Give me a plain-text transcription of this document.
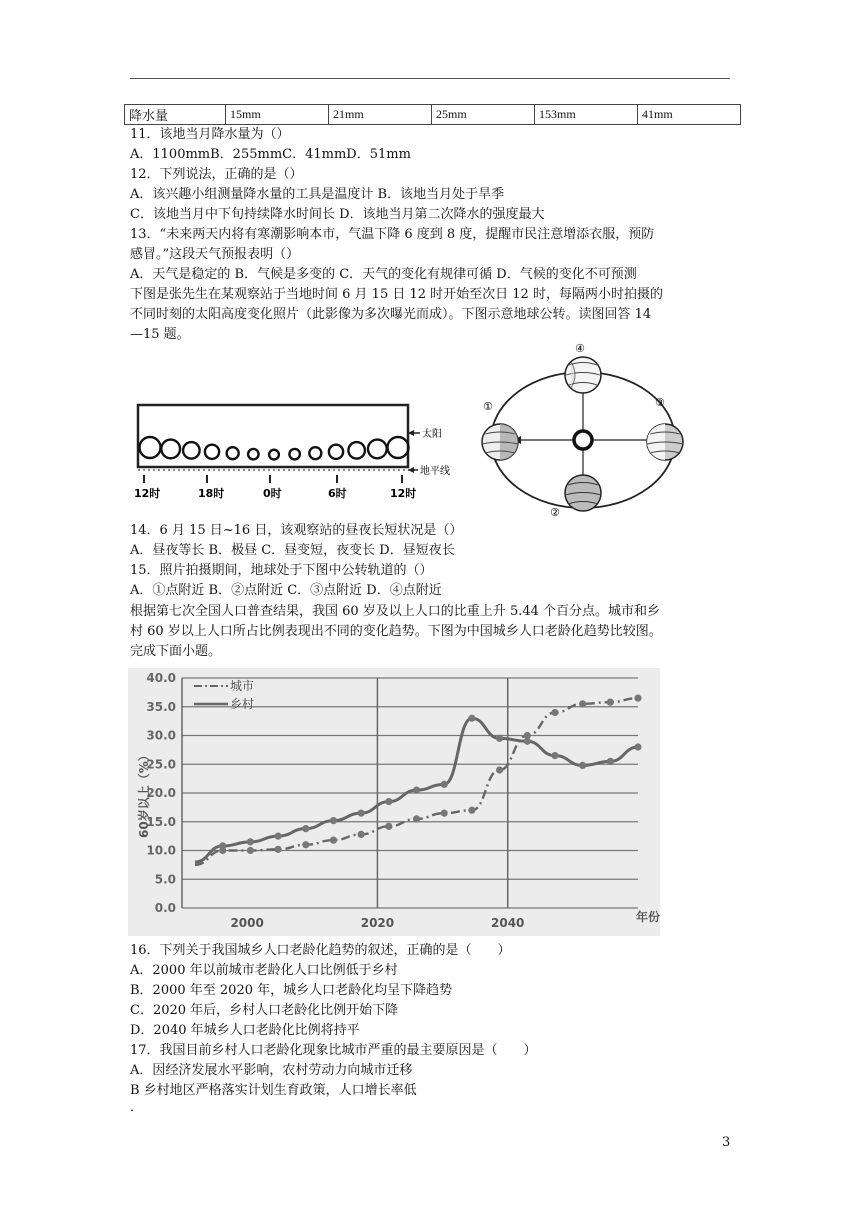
降水量	15mm	21mm	25mm	153mm	41mm
11．该地当月降水量为（）
A．1100mmB．255mmC．41mmD．51mm
12．下列说法，正确的是（）
A．该兴趣小组测量降水量的工具是温度计 B．该地当月处于旱季
C．该地当月中下旬持续降水时间长 D．该地当月第二次降水的强度最大
13．“未来两天内将有寒潮影响本市，气温下降 6 度到 8 度，提醒市民注意增添衣服，预防
感冒。”这段天气预报表明（）
A．天气是稳定的 B．气候是多变的 C．天气的变化有规律可循 D．气候的变化不可预测
下图是张先生在某观察站于当地时间 6 月 15 日 12 时开始至次日 12 时，每隔两小时拍摄的
不同时刻的太阳高度变化照片（此影像为多次曝光而成）。下图示意地球公转。读图回答 14
—15 题。
太阳
地平线
12时	18时	0时	6时	12时
④
①	③
②
14．6 月 15 日~16 日，该观察站的昼夜长短状况是（）
A．昼夜等长 B．极昼 C．昼变短，夜变长 D．昼短夜长
15．照片拍摄期间，地球处于下图中公转轨道的（）
A．①点附近 B．②点附近 C．③点附近 D．④点附近
根据第七次全国人口普查结果，我国 60 岁及以上人口的比重上升 5.44 个百分点。城市和乡
村 60 岁以上人口所占比例表现出不同的变化趋势。下图为中国城乡人口老龄化趋势比较图。
完成下面小题。
0.0
5.0
10.0
15.0
20.0
25.0
30.0
35.0
40.0
2000	2020	2040
60岁以上（%）
年份
城市
乡村
16．下列关于我国城乡人口老龄化趋势的叙述，正确的是（　　）
A．2000 年以前城市老龄化人口比例低于乡村
B．2000 年至 2020 年，城乡人口老龄化均呈下降趋势
C．2020 年后，乡村人口老龄化比例开始下降
D．2040 年城乡人口老龄化比例将持平
17．我国目前乡村人口老龄化现象比城市严重的最主要原因是（　　）
A．因经济发展水平影响，农村劳动力向城市迁移
B 乡村地区严格落实计划生育政策，人口增长率低
．
3
